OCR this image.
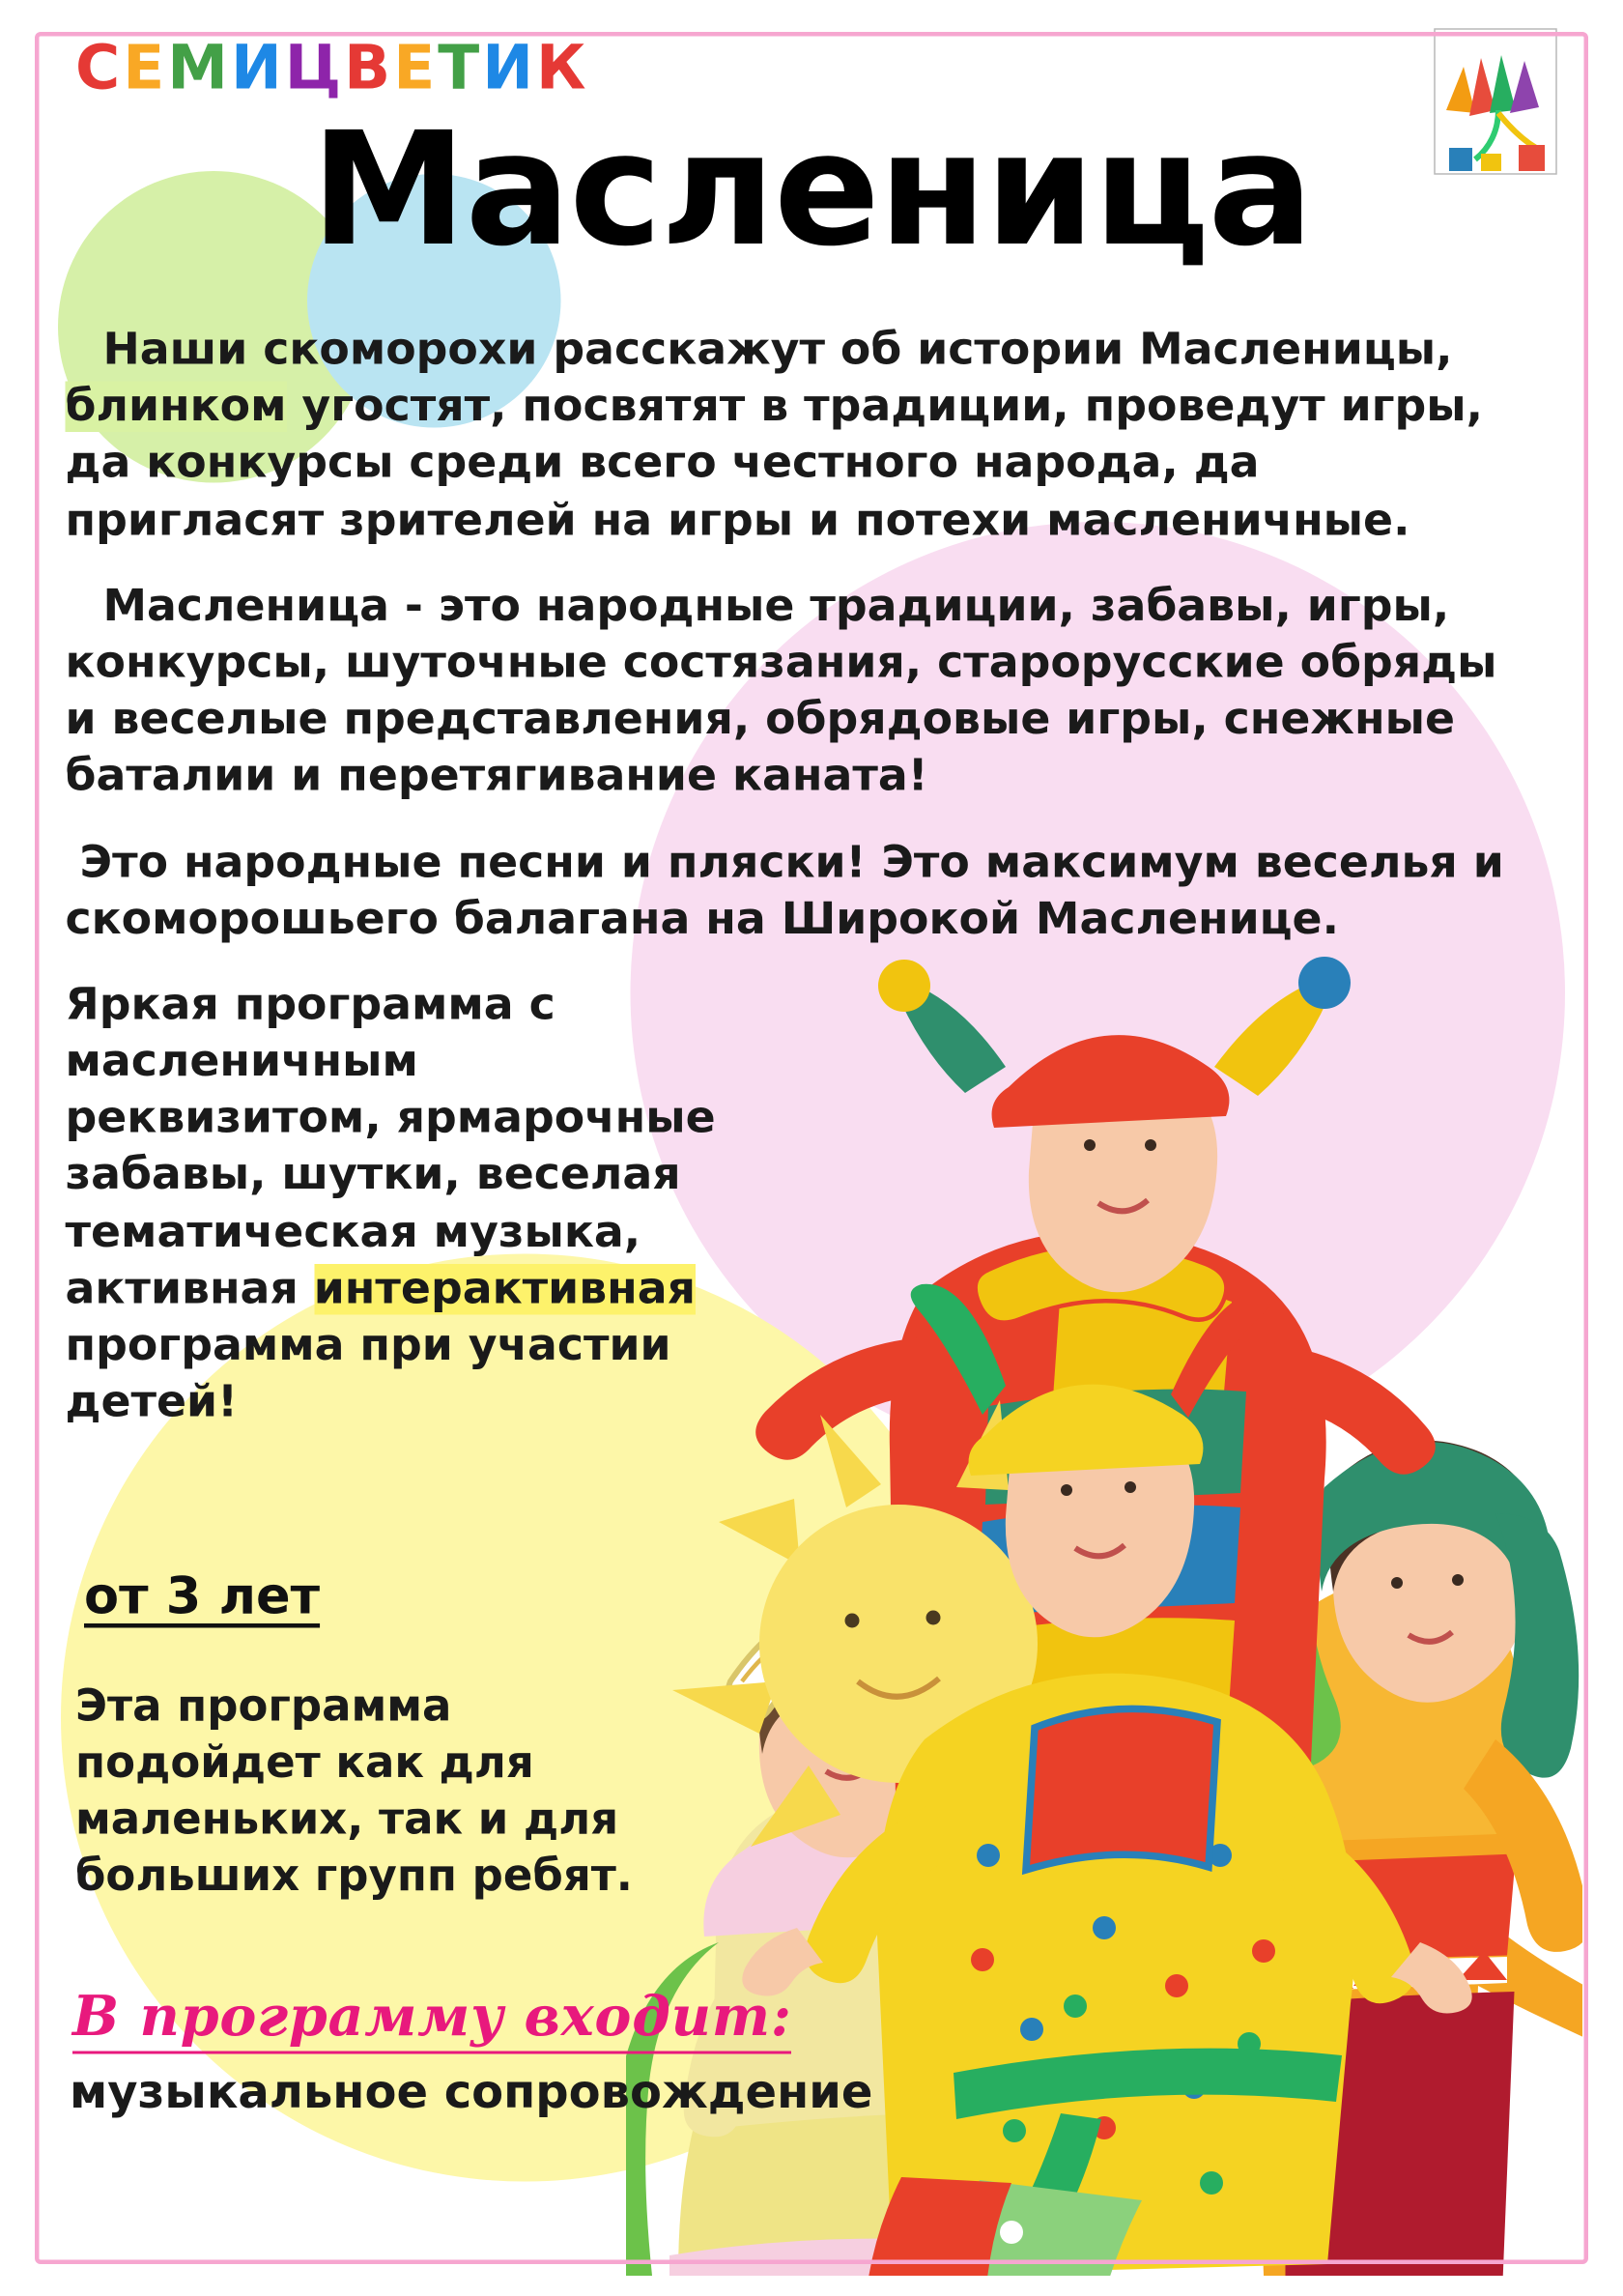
СЕМИЦВЕТИК
Масленица

Наши скоморохи расскажут об истории Масленицы, блинком угостят, посвятят в традиции, проведут игры, да конкурсы среди всего честного народа, да пригласят зрителей на игры и потехи масленичные.

Масленица - это народные традиции, забавы, игры, конкурсы, шуточные состязания, старорусские обряды и веселые представления, обрядовые игры, снежные баталии и перетягивание каната!

Это народные песни и пляски! Это максимум веселья и скоморошьего балагана на Широкой Масленице.

Яркая программа с масленичным реквизитом, ярмарочные забавы, шутки, веселая тематическая музыка, активная интерактивная программа при участии детей!

от 3 лет
Эта программа подойдет как для маленьких, так и для больших групп ребят.
В программу входит:
музыкальное сопровождение
